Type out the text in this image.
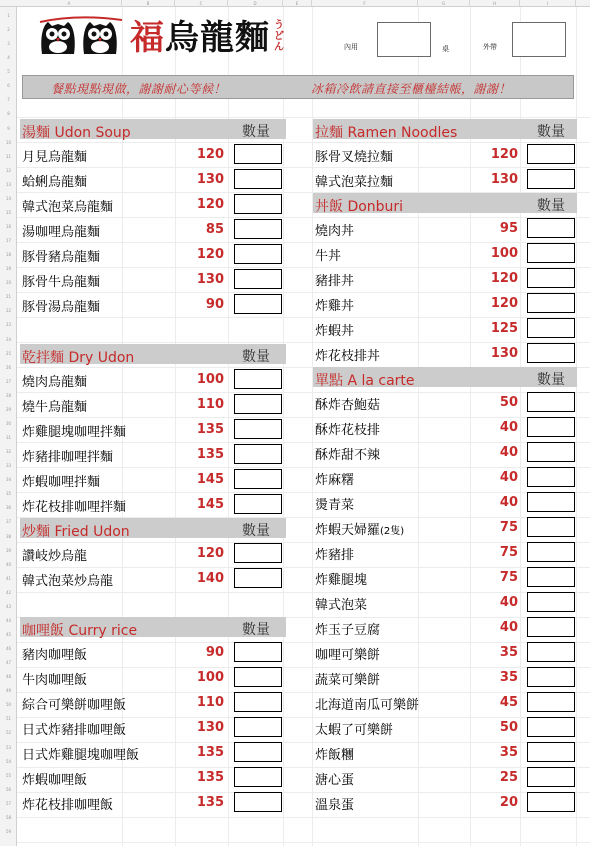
A	B	C	D	E	F	G	H	I
1
2
3
4
5
6
7
8
9
10
11
12
13
14
15
16
17
18
19
20
21
22
23
24
25
26
27
28
29
30
31
32
33
34
35
36
37
38
39
40
41
42
43
44
45
46
47
48
49
50
51
52
53
54
55
56
57
58
59
福烏龍麵 うどん	內用	桌	外帶
餐點現點現做，謝謝耐心等候！	冰箱冷飲請直接至櫃檯結帳，謝謝！
湯麵 Udon Soup	數量
月見烏龍麵	120
蛤蜊烏龍麵	130
韓式泡菜烏龍麵	120
湯咖哩烏龍麵	85
豚骨豬烏龍麵	120
豚骨牛烏龍麵	130
豚骨湯烏龍麵	90
乾拌麵 Dry Udon	數量
燒肉烏龍麵	100
燒牛烏龍麵	110
炸雞腿塊咖哩拌麵	135
炸豬排咖哩拌麵	135
炸蝦咖哩拌麵	145
炸花枝排咖哩拌麵	145
炒麵 Fried Udon	數量
讚岐炒烏龍	120
韓式泡菜炒烏龍	140
咖哩飯 Curry rice	數量
豬肉咖哩飯	90
牛肉咖哩飯	100
綜合可樂餅咖哩飯	110
日式炸豬排咖哩飯	130
日式炸雞腿塊咖哩飯	135
炸蝦咖哩飯	135
炸花枝排咖哩飯	135
拉麵 Ramen Noodles	數量
豚骨叉燒拉麵	120
韓式泡菜拉麵	130
丼飯 Donburi	數量
燒肉丼	95
牛丼	100
豬排丼	120
炸雞丼	120
炸蝦丼	125
炸花枝排丼	130
單點 A la carte	數量
酥炸杏鮑菇	50
酥炸花枝排	40
酥炸甜不辣	40
炸麻糬	40
燙青菜	40
炸蝦天婦羅(2隻)	75
炸豬排	75
炸雞腿塊	75
韓式泡菜	40
炸玉子豆腐	40
咖哩可樂餅	35
蔬菜可樂餅	35
北海道南瓜可樂餅	45
太蝦了可樂餅	50
炸飯糰	35
溏心蛋	25
溫泉蛋	20
